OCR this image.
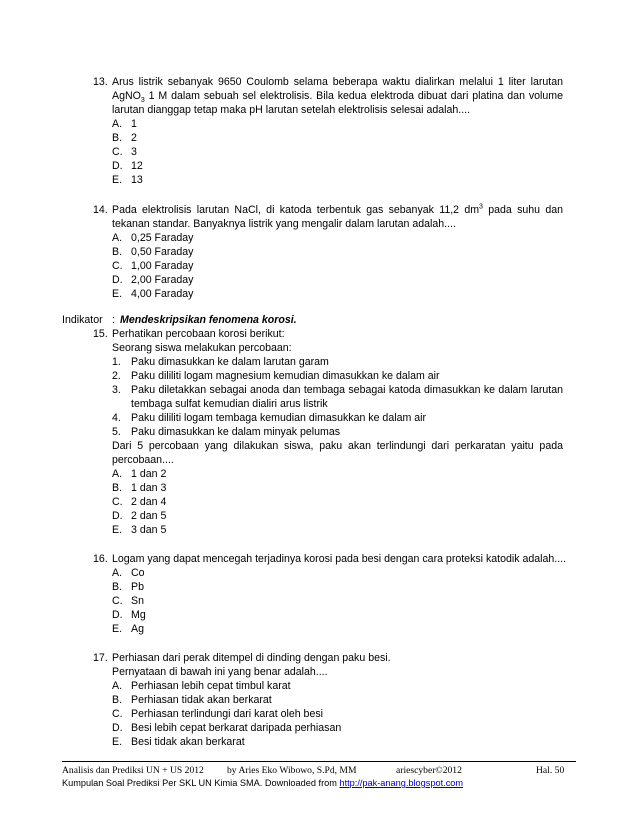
13. Arus listrik sebanyak 9650 Coulomb selama beberapa waktu dialirkan melalui 1 liter larutan
AgNO$_3$ 1 M dalam sebuah sel elektrolisis. Bila kedua elektroda dibuat dari platina dan volume
larutan dianggap tetap maka pH larutan setelah elektrolisis selesai adalah....
A. 1
B. 2
C. 3
D. 12
E. 13
14. Pada elektrolisis larutan NaCl, di katoda terbentuk gas sebanyak 11,2 $dm^3$ pada suhu dan
tekanan standar. Banyaknya listrik yang mengalir dalam larutan adalah....
A. 0,25 Faraday
B. 0,50 Faraday
C. 1,00 Faraday
D. 2,00 Faraday
E. 4,00 Faraday
Indikator : Mendeskripsikan fenomena korosi.
15. Perhatikan percobaan korosi berikut:
Seorang siswa melakukan percobaan:
1. Paku dimasukkan ke dalam larutan garam
2. Paku dililiti logam magnesium kemudian dimasukkan ke dalam air
3. Paku diletakkan sebagai anoda dan tembaga sebagai katoda dimasukkan ke dalam larutan
tembaga sulfat kemudian dialiri arus listrik
4. Paku dililiti logam tembaga kemudian dimasukkan ke dalam air
5. Paku dimasukkan ke dalam minyak pelumas
Dari 5 percobaan yang dilakukan siswa, paku akan terlindungi dari perkaratan yaitu pada
percobaan....
A. 1 dan 2
B. 1 dan 3
C. 2 dan 4
D. 2 dan 5
E. 3 dan 5
16. Logam yang dapat mencegah terjadinya korosi pada besi dengan cara proteksi katodik adalah....
A. Co
B. Pb
C. Sn
D. Mg
E. Ag
17. Perhiasan dari perak ditempel di dinding dengan paku besi.
Pernyataan di bawah ini yang benar adalah....
A. Perhiasan lebih cepat timbul karat
B. Perhiasan tidak akan berkarat
C. Perhiasan terlindungi dari karat oleh besi
D. Besi lebih cepat berkarat daripada perhiasan
E. Besi tidak akan berkarat
Analisis dan Prediksi UN + US 2012 by Aries Eko Wibowo, S.Pd, MM	ariescyber©2012	Hal. 50
Kumpulan Soal Prediksi Per SKL UN Kimia SMA. Downloaded from http://pak-anang.blogspot.com
